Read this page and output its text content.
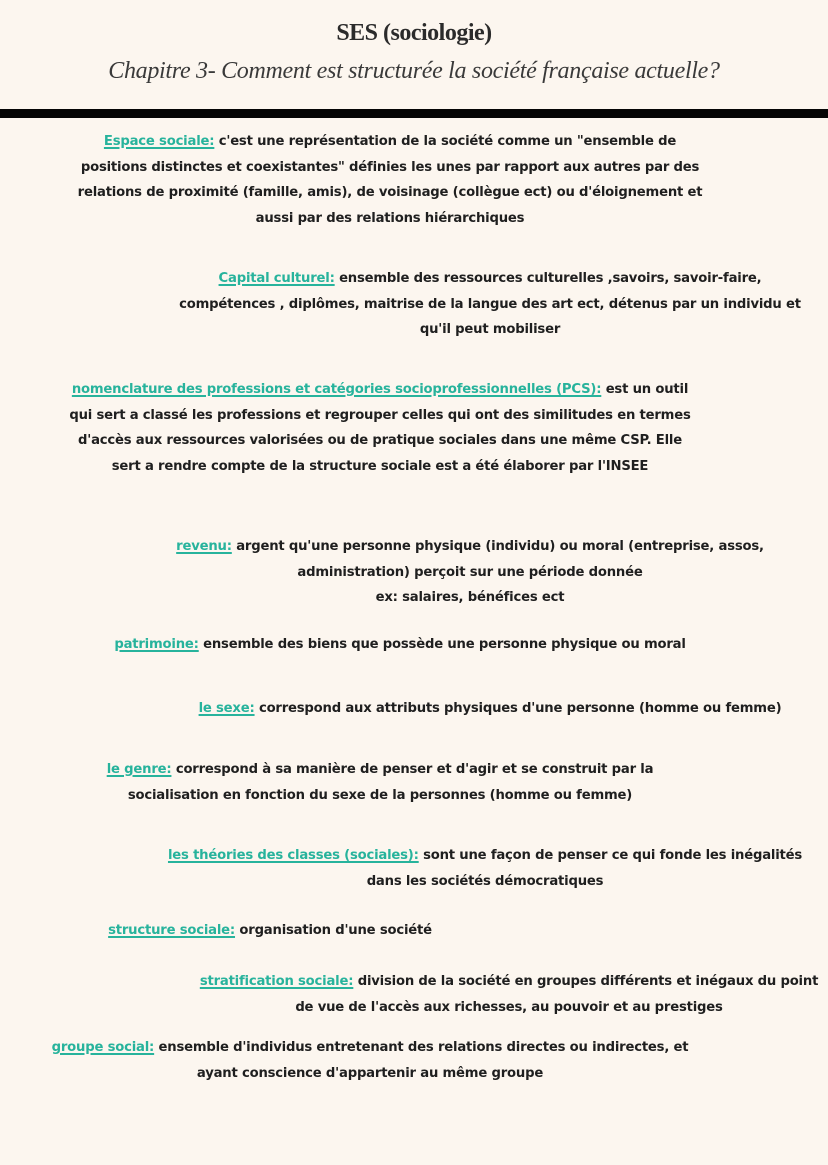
SES (sociologie)
Chapitre 3- Comment est structurée la société française actuelle?
Espace sociale: c'est une représentation de la société comme un "ensemble de
positions distinctes et coexistantes" définies les unes par rapport aux autres par des
relations de proximité (famille, amis), de voisinage (collègue ect) ou d'éloignement et
aussi par des relations hiérarchiques
Capital culturel: ensemble des ressources culturelles ,savoirs, savoir-faire,
compétences , diplômes, maitrise de la langue des art ect, détenus par un individu et
qu'il peut mobiliser
nomenclature des professions et catégories socioprofessionnelles (PCS): est un outil
qui sert a classé les professions et regrouper celles qui ont des similitudes en termes
d'accès aux ressources valorisées ou de pratique sociales dans une même CSP. Elle
sert a rendre compte de la structure sociale est a été élaborer par l'INSEE
revenu: argent qu'une personne physique (individu) ou moral (entreprise, assos,
administration) perçoit sur une période donnée
ex: salaires, bénéfices ect
patrimoine: ensemble des biens que possède une personne physique ou moral
le sexe: correspond aux attributs physiques d'une personne (homme ou femme)
le genre: correspond à sa manière de penser et d'agir et se construit par la
socialisation en fonction du sexe de la personnes (homme ou femme)
les théories des classes (sociales): sont une façon de penser ce qui fonde les inégalités
dans les sociétés démocratiques
structure sociale: organisation d'une société
stratification sociale: division de la société en groupes différents et inégaux du point
de vue de l'accès aux richesses, au pouvoir et au prestiges
groupe social: ensemble d'individus entretenant des relations directes ou indirectes, et
ayant conscience d'appartenir au même groupe
